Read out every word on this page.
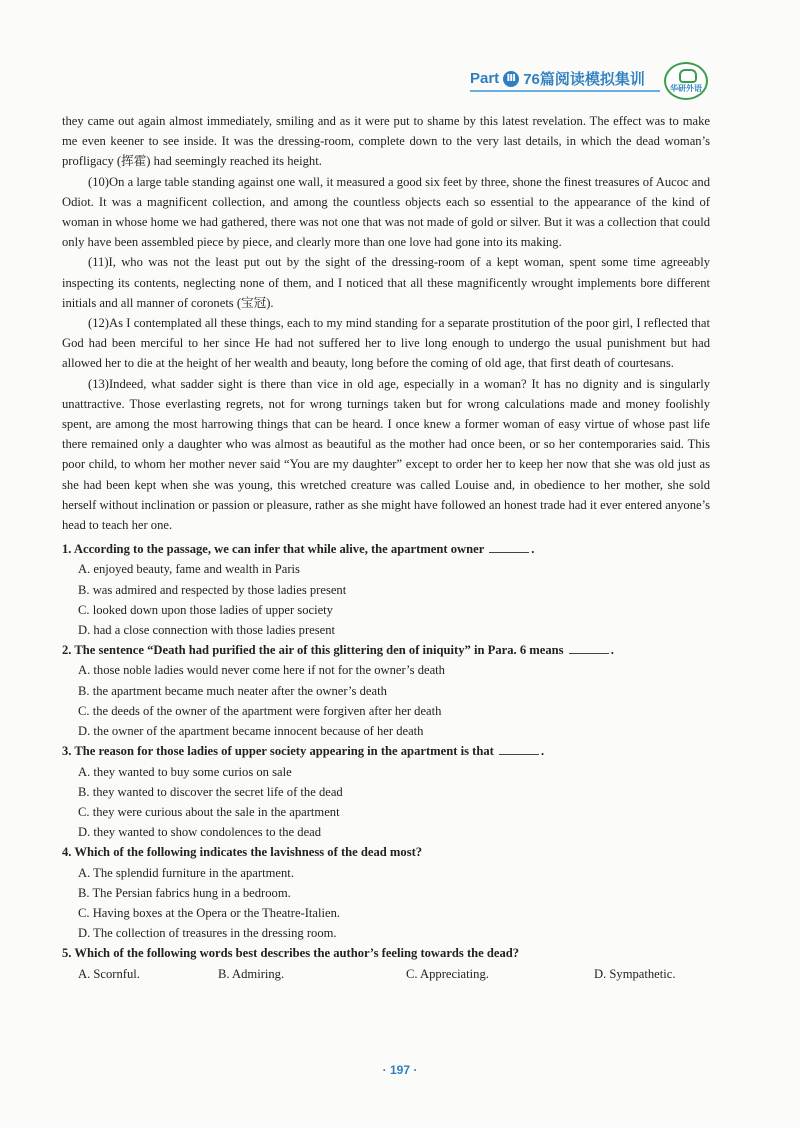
Part Ⅲ 76篇阅读模拟集训
华研外语

they came out again almost immediately, smiling and as it were put to shame by this latest revelation. The effect was to make me even keener to see inside. It was the dressing-room, complete down to the very last details, in which the dead woman’s profligacy (挥霍) had seemingly reached its height.

(10)On a large table standing against one wall, it measured a good six feet by three, shone the finest treasures of Aucoc and Odiot. It was a magnificent collection, and among the countless objects each so essential to the appearance of the kind of woman in whose home we had gathered, there was not one that was not made of gold or silver. But it was a collection that could only have been assembled piece by piece, and clearly more than one love had gone into its making.

(11)I, who was not the least put out by the sight of the dressing-room of a kept woman, spent some time agreeably inspecting its contents, neglecting none of them, and I noticed that all these magnificently wrought implements bore different initials and all manner of coronets (宝冠).

(12)As I contemplated all these things, each to my mind standing for a separate prostitution of the poor girl, I reflected that God had been merciful to her since He had not suffered her to live long enough to undergo the usual punishment but had allowed her to die at the height of her wealth and beauty, long before the coming of old age, that first death of courtesans.

(13)Indeed, what sadder sight is there than vice in old age, especially in a woman? It has no dignity and is singularly unattractive. Those everlasting regrets, not for wrong turnings taken but for wrong calculations made and money foolishly spent, are among the most harrowing things that can be heard. I once knew a former woman of easy virtue of whose past life there remained only a daughter who was almost as beautiful as the mother had once been, or so her contemporaries said. This poor child, to whom her mother never said “You are my daughter” except to order her to keep her now that she was old just as she had been kept when she was young, this wretched creature was called Louise and, in obedience to her mother, she sold herself without inclination or passion or pleasure, rather as she might have followed an honest trade had it ever entered anyone’s head to teach her one.

1. According to the passage, we can infer that while alive, the apartment owner	.

A. enjoyed beauty, fame and wealth in Paris

B. was admired and respected by those ladies present

C. looked down upon those ladies of upper society

D. had a close connection with those ladies present

2. The sentence “Death had purified the air of this glittering den of iniquity” in Para. 6 means	.

A. those noble ladies would never come here if not for the owner’s death

B. the apartment became much neater after the owner’s death

C. the deeds of the owner of the apartment were forgiven after her death

D. the owner of the apartment became innocent because of her death

3. The reason for those ladies of upper society appearing in the apartment is that	.

A. they wanted to buy some curios on sale

B. they wanted to discover the secret life of the dead

C. they were curious about the sale in the apartment

D. they wanted to show condolences to the dead

4. Which of the following indicates the lavishness of the dead most?

A. The splendid furniture in the apartment.

B. The Persian fabrics hung in a bedroom.

C. Having boxes at the Opera or the Theatre-Italien.

D. The collection of treasures in the dressing room.

5. Which of the following words best describes the author’s feeling towards the dead?

A. Scornful.	B. Admiring.	C. Appreciating.	D. Sympathetic.
· 197 ·
